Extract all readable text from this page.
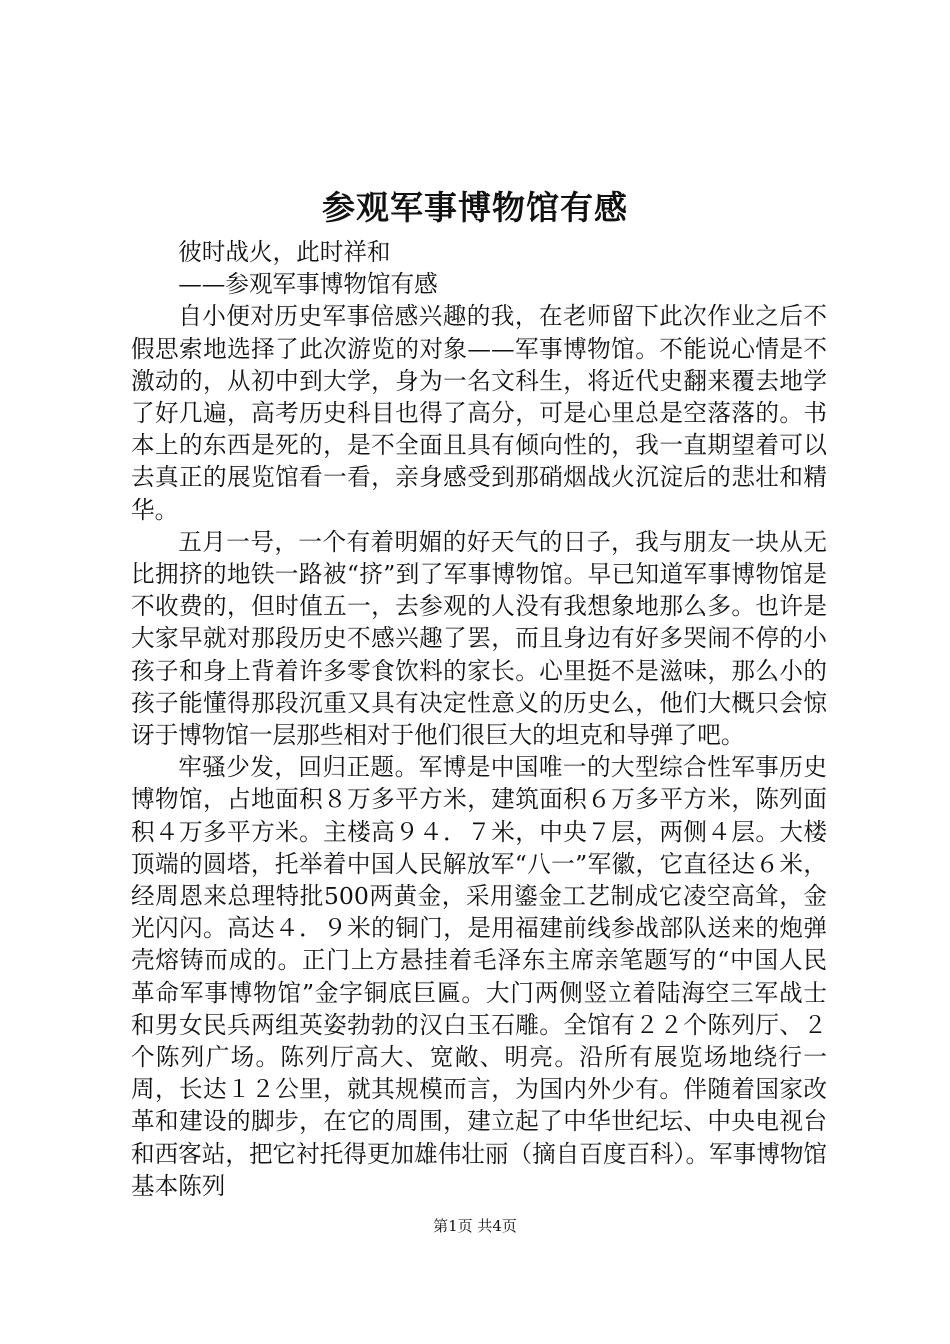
参观军事博物馆有感

彼时战火，此时祥和

——参观军事博物馆有感

自小便对历史军事倍感兴趣的我，在老师留下此次作业之后不假思索地选择了此次游览的对象——军事博物馆。不能说心情是不激动的，从初中到大学，身为一名文科生，将近代史翻来覆去地学了好几遍，高考历史科目也得了高分，可是心里总是空落落的。书本上的东西是死的，是不全面且具有倾向性的，我一直期望着可以去真正的展览馆看一看，亲身感受到那硝烟战火沉淀后的悲壮和精华。

五月一号，一个有着明媚的好天气的日子，我与朋友一块从无比拥挤的地铁一路被“挤”到了军事博物馆。早已知道军事博物馆是不收费的，但时值五一，去参观的人没有我想象地那么多。也许是大家早就对那段历史不感兴趣了罢，而且身边有好多哭闹不停的小孩子和身上背着许多零食饮料的家长。心里挺不是滋味，那么小的孩子能懂得那段沉重又具有决定性意义的历史么，他们大概只会惊讶于博物馆一层那些相对于他们很巨大的坦克和导弹了吧。

牢骚少发，回归正题。军博是中国唯一的大型综合性军事历史博物馆，占地面积８万多平方米，建筑面积６万多平方米，陈列面积４万多平方米。主楼高９４．７米，中央７层，两侧４层。大楼顶端的圆塔，托举着中国人民解放军“八一”军徽，它直径达６米，经周恩来总理特批500两黄金，采用鎏金工艺制成它凌空高耸，金光闪闪。高达４．９米的铜门，是用福建前线参战部队送来的炮弹壳熔铸而成的。正门上方悬挂着毛泽东主席亲笔题写的“中国人民革命军事博物馆”金字铜底巨匾。大门两侧竖立着陆海空三军战士和男女民兵两组英姿勃勃的汉白玉石雕。全馆有２２个陈列厅、２个陈列广场。陈列厅高大、宽敞、明亮。沿所有展览场地绕行一周，长达１２公里，就其规模而言，为国内外少有。伴随着国家改革和建设的脚步，在它的周围，建立起了中华世纪坛、中央电视台和西客站，把它衬托得更加雄伟壮丽（摘自百度百科）。军事博物馆基本陈列

第1页 共4页
